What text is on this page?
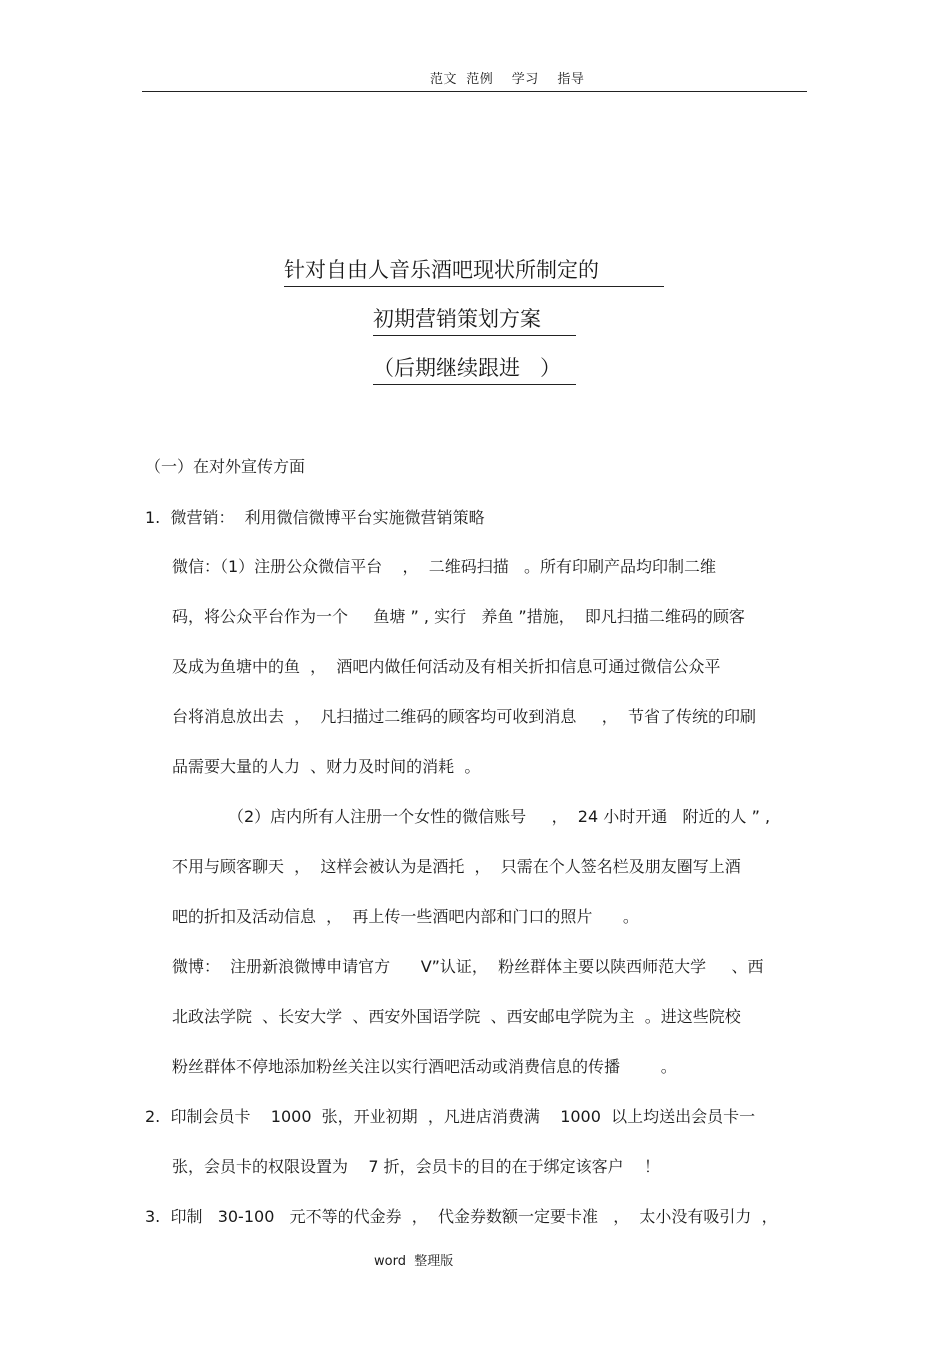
范文  范例    学习    指导
针对自由人音乐酒吧现状所制定的
初期营销策划方案
（后期继续跟进   ）
（一）在对外宣传方面
1.  微营销：  利用微信微博平台实施微营销策略
微信：（1）注册公众微信平台    ，  二维码扫描   。所有印刷产品均印制二维
码，将公众平台作为一个     鱼塘 ” , 实行   养鱼 ”措施，  即凡扫描二维码的顾客
及成为鱼塘中的鱼  ，  酒吧内做任何活动及有相关折扣信息可通过微信公众平
台将消息放出去  ，  凡扫描过二维码的顾客均可收到消息     ，  节省了传统的印刷
品需要大量的人力  、财力及时间的消耗  。
（2）店内所有人注册一个女性的微信账号     ，  24 小时开通   附近的人 ” ,
不用与顾客聊天  ，  这样会被认为是酒托  ，  只需在个人签名栏及朋友圈写上酒
吧的折扣及活动信息  ，  再上传一些酒吧内部和门口的照片      。
微博：  注册新浪微博申请官方      V”认证，  粉丝群体主要以陕西师范大学     、西
北政法学院  、长安大学  、西安外国语学院  、西安邮电学院为主  。进这些院校
粉丝群体不停地添加粉丝关注以实行酒吧活动或消费信息的传播        。
2.  印制会员卡    1000  张，开业初期  ，凡进店消费满    1000  以上均送出会员卡一
张，会员卡的权限设置为    7 折，会员卡的目的在于绑定该客户    ！
3.  印制   30-100   元不等的代金券  ，  代金券数额一定要卡准   ，  太小没有吸引力  ，
word  整理版
